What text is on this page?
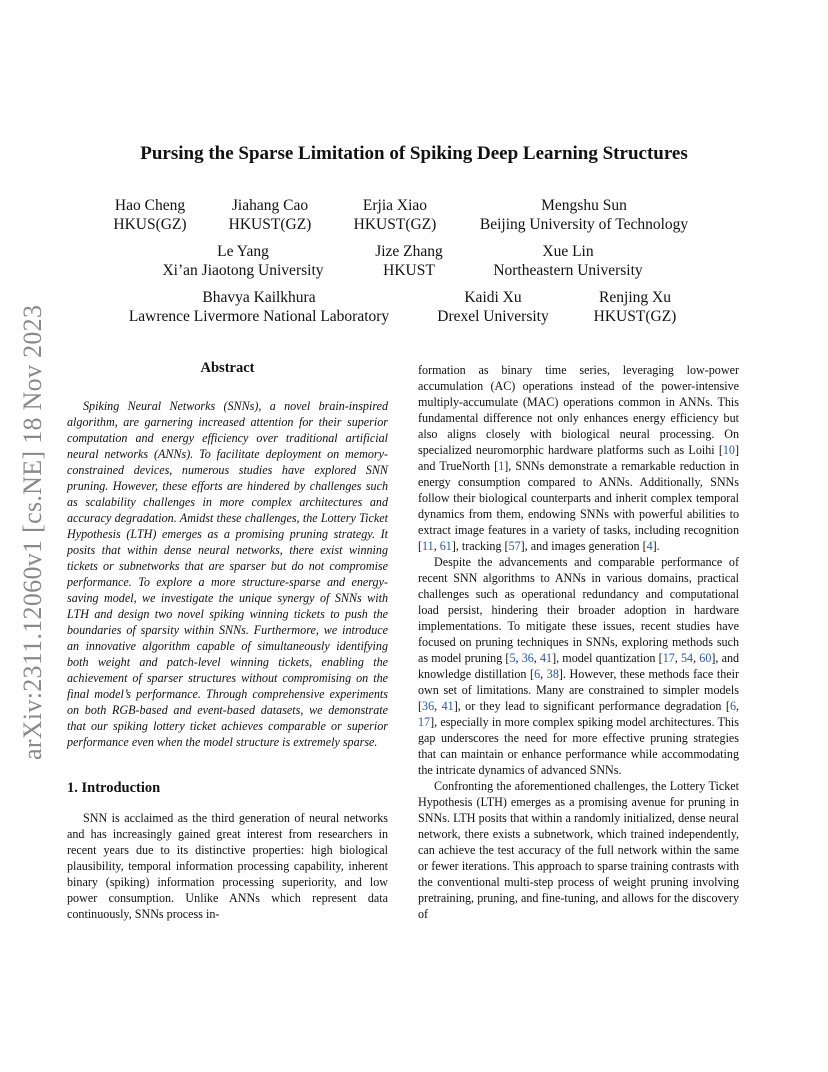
arXiv:2311.12060v1 [cs.NE] 18 Nov 2023
Pursing the Sparse Limitation of Spiking Deep Learning Structures
Hao Cheng
HKUS(GZ)
Jiahang Cao
HKUST(GZ)
Erjia Xiao
HKUST(GZ)
Mengshu Sun
Beijing University of Technology
Le Yang
Xi’an Jiaotong University
Jize Zhang
HKUST
Xue Lin
Northeastern University
Bhavya Kailkhura
Lawrence Livermore National Laboratory
Kaidi Xu
Drexel University
Renjing Xu
HKUST(GZ)

Abstract

Spiking Neural Networks (SNNs), a novel brain-inspired algorithm, are garnering increased attention for their superior computation and energy efficiency over traditional artificial neural networks (ANNs). To facilitate deployment on memory-constrained devices, numerous studies have explored SNN pruning. However, these efforts are hindered by challenges such as scalability challenges in more complex architectures and accuracy degradation. Amidst these challenges, the Lottery Ticket Hypothesis (LTH) emerges as a promising pruning strategy. It posits that within dense neural networks, there exist winning tickets or subnetworks that are sparser but do not compromise performance. To explore a more structure-sparse and energy-saving model, we investigate the unique synergy of SNNs with LTH and design two novel spiking winning tickets to push the boundaries of sparsity within SNNs. Furthermore, we introduce an innovative algorithm capable of simultaneously identifying both weight and patch-level winning tickets, enabling the achievement of sparser structures without compromising on the final model’s performance. Through comprehensive experiments on both RGB-based and event-based datasets, we demonstrate that our spiking lottery ticket achieves comparable or superior performance even when the model structure is extremely sparse.

1. Introduction

SNN is acclaimed as the third generation of neural networks and has increasingly gained great interest from researchers in recent years due to its distinctive properties: high biological plausibility, temporal information processing capability, inherent binary (spiking) information processing superiority, and low power consumption. Unlike ANNs which represent data continuously, SNNs process in-

formation as binary time series, leveraging low-power accumulation (AC) operations instead of the power-intensive multiply-accumulate (MAC) operations common in ANNs. This fundamental difference not only enhances energy efficiency but also aligns closely with biological neural processing. On specialized neuromorphic hardware platforms such as Loihi [10] and TrueNorth [1], SNNs demonstrate a remarkable reduction in energy consumption compared to ANNs. Additionally, SNNs follow their biological counterparts and inherit complex temporal dynamics from them, endowing SNNs with powerful abilities to extract image features in a variety of tasks, including recognition [11, 61], tracking [57], and images generation [4].

Despite the advancements and comparable performance of recent SNN algorithms to ANNs in various domains, practical challenges such as operational redundancy and computational load persist, hindering their broader adoption in hardware implementations. To mitigate these issues, recent studies have focused on pruning techniques in SNNs, exploring methods such as model pruning [5, 36, 41], model quantization [17, 54, 60], and knowledge distillation [6, 38]. However, these methods face their own set of limitations. Many are constrained to simpler models [36, 41], or they lead to significant performance degradation [6, 17], especially in more complex spiking model architectures. This gap underscores the need for more effective pruning strategies that can maintain or enhance performance while accommodating the intricate dynamics of advanced SNNs.

Confronting the aforementioned challenges, the Lottery Ticket Hypothesis (LTH) emerges as a promising avenue for pruning in SNNs. LTH posits that within a randomly initialized, dense neural network, there exists a subnetwork, which trained independently, can achieve the test accuracy of the full network within the same or fewer iterations. This approach to sparse training contrasts with the conventional multi-step process of weight pruning involving pretraining, pruning, and fine-tuning, and allows for the discovery of
